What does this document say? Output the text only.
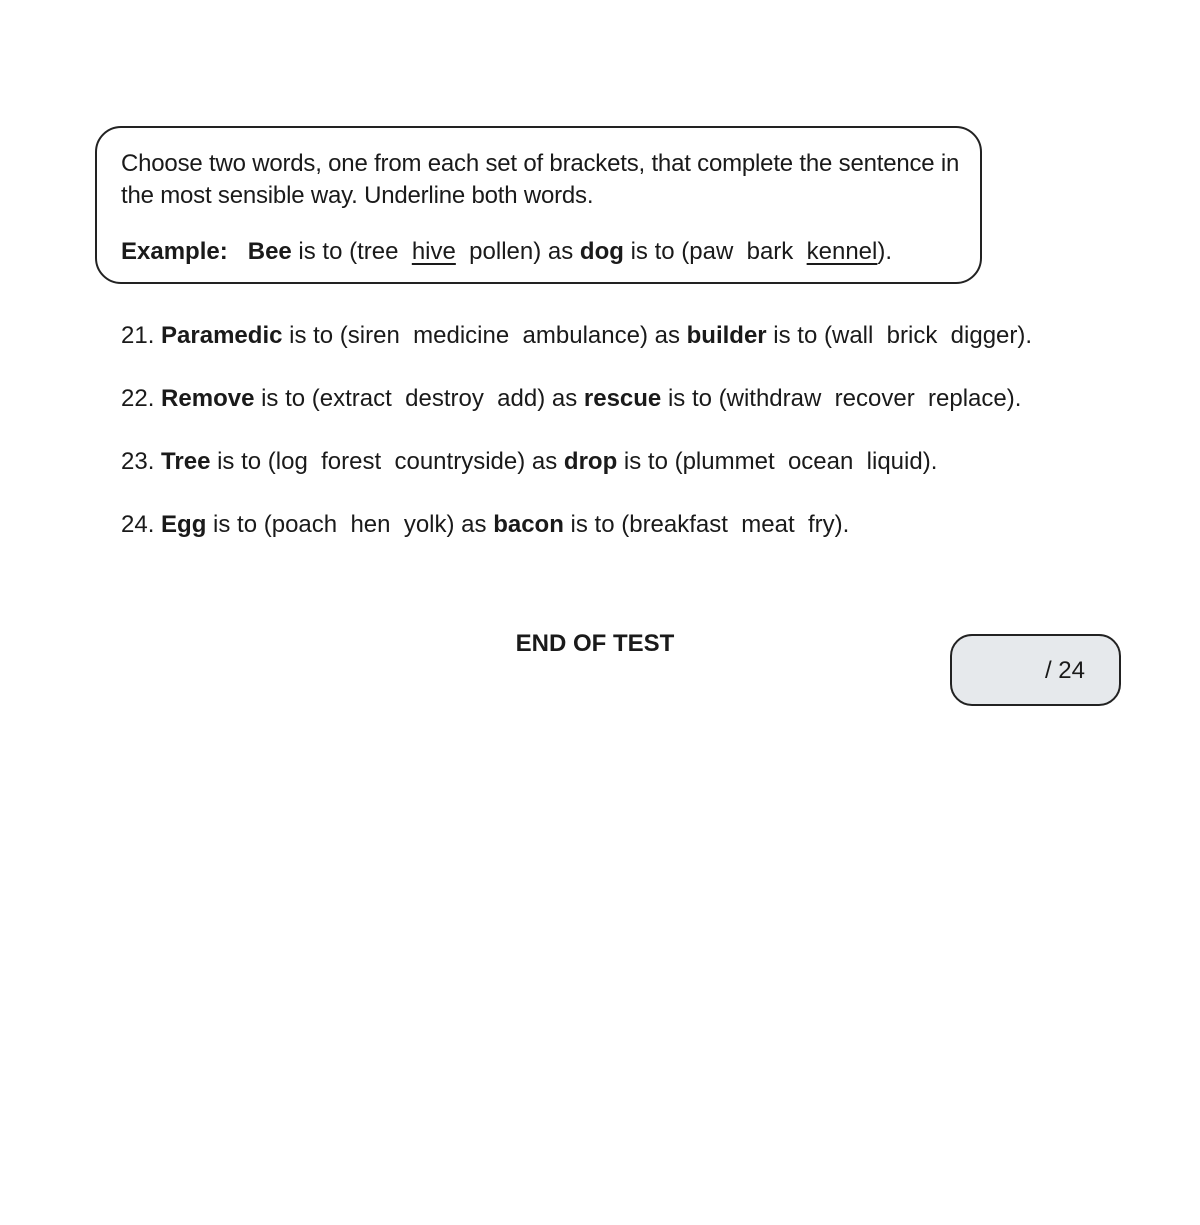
Choose two words, one from each set of brackets, that complete the sentence in the most sensible way. Underline both words.
Example: Bee is to (tree  hive  pollen) as dog is to (paw  bark  kennel).
21. Paramedic is to (siren  medicine  ambulance) as builder is to (wall  brick  digger).
22. Remove is to (extract  destroy  add) as rescue is to (withdraw  recover  replace).
23. Tree is to (log  forest  countryside) as drop is to (plummet  ocean  liquid).
24. Egg is to (poach  hen  yolk) as bacon is to (breakfast  meat  fry).
END OF TEST
/ 24
